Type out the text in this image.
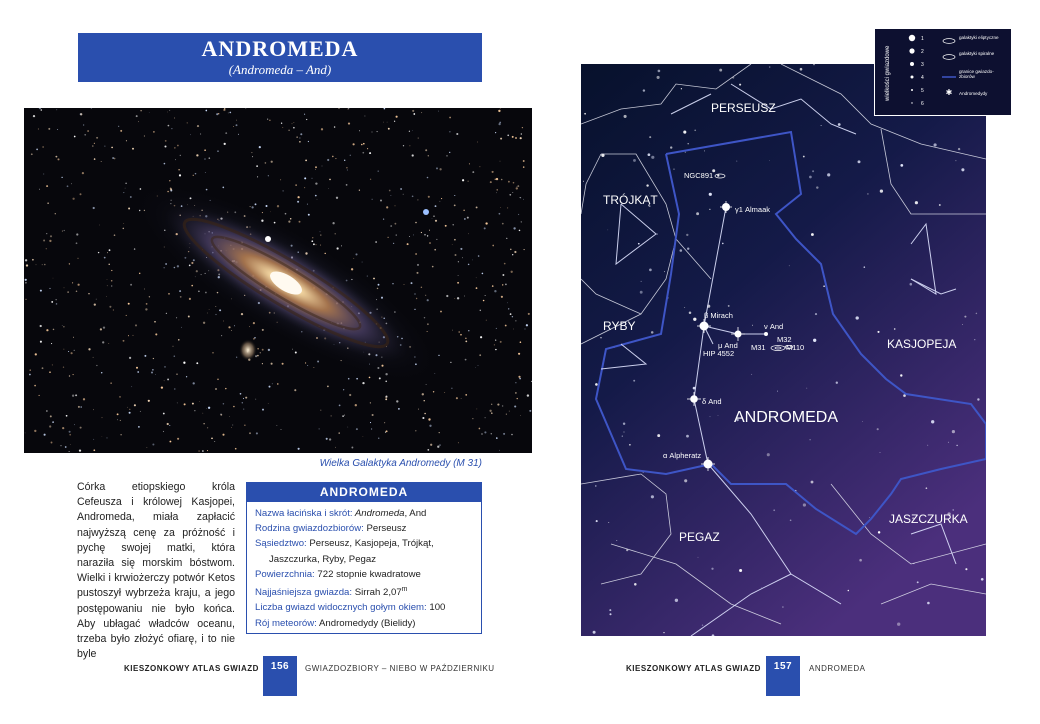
ANDROMEDA
(Andromeda – And)
Wielka Galaktyka Andromedy (M 31)
Córka etiopskiego króla Cefeusza i królowej Kasjopei, Andromeda, miała zapłacić najwyższą cenę za próżność i pychę swojej matki, która naraziła się morskim bóstwom. Wielki i krwiożerczy potwór Ketos pustoszył wybrzeża kraju, a jego postępowaniu nie było końca. Aby ubłagać władców oceanu, trzeba było złożyć ofiarę, i to nie byle
ANDROMEDA
Nazwa łacińska i skrót: Andromeda, And
Rodzina gwiazdozbiorów: Perseusz
Sąsiedztwo: Perseusz, Kasjopeja, Trójkąt,
Jaszczurka, Ryby, Pegaz
Powierzchnia: 722 stopnie kwadratowe
Najjaśniejsza gwiazda: Sirrah 2,07$^m$
Liczba gwiazd widocznych gołym okiem: 100
Rój meteorów: Andromedydy (Bielidy)
KIESZONKOWY ATLAS GWIAZD	156	GWIAZDOZBIORY – NIEBO W PAŹDZIERNIKU
PERSEUSZ
TRÓJKĄT
RYBY
KASJOPEJA
ANDROMEDA
PEGAZ
JASZCZURKA
NGC891
γ1 Almaak
β Mirach
ν And
μ And
HIP 4552
M32
M31	M110
δ And
α Alpheratz
wielkości gwiazdowe
1
2
3
4
5
6
✱
galaktyki eliptyczne
galaktyki spiralne
granice gwiazdo- zbiorów
Andromedydy
KIESZONKOWY ATLAS GWIAZD	157	ANDROMEDA
